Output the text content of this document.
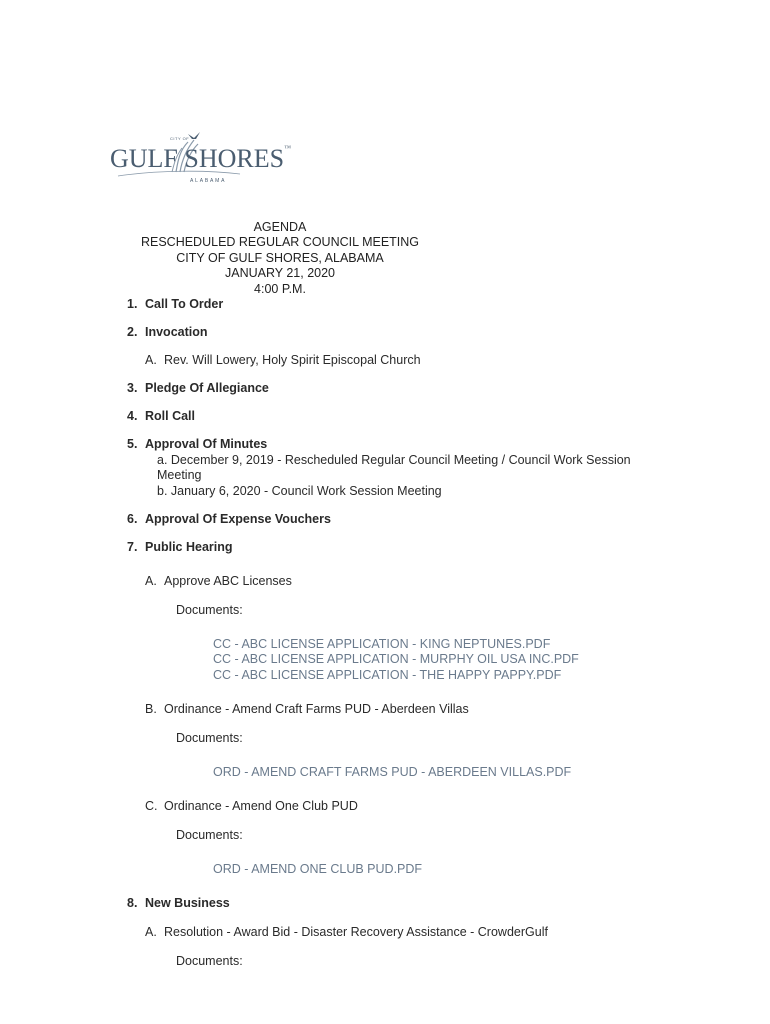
CITY OF
GULF SHORES™
ALABAMA
AGENDA
RESCHEDULED REGULAR COUNCIL MEETING
CITY OF GULF SHORES, ALABAMA
JANUARY 21, 2020
4:00 P.M.
1. Call To Order
2. Invocation
A. Rev. Will Lowery, Holy Spirit Episcopal Church
3. Pledge Of Allegiance
4. Roll Call
5. Approval Of Minutes
a. December 9, 2019 - Rescheduled Regular Council Meeting / Council Work Session
Meeting
b. January 6, 2020 - Council Work Session Meeting
6. Approval Of Expense Vouchers
7. Public Hearing
A. Approve ABC Licenses
Documents:
CC - ABC LICENSE APPLICATION - KING NEPTUNES.PDF
CC - ABC LICENSE APPLICATION - MURPHY OIL USA INC.PDF
CC - ABC LICENSE APPLICATION - THE HAPPY PAPPY.PDF
B. Ordinance - Amend Craft Farms PUD - Aberdeen Villas
Documents:
ORD - AMEND CRAFT FARMS PUD - ABERDEEN VILLAS.PDF
C. Ordinance - Amend One Club PUD
Documents:
ORD - AMEND ONE CLUB PUD.PDF
8. New Business
A. Resolution - Award Bid - Disaster Recovery Assistance - CrowderGulf
Documents:
